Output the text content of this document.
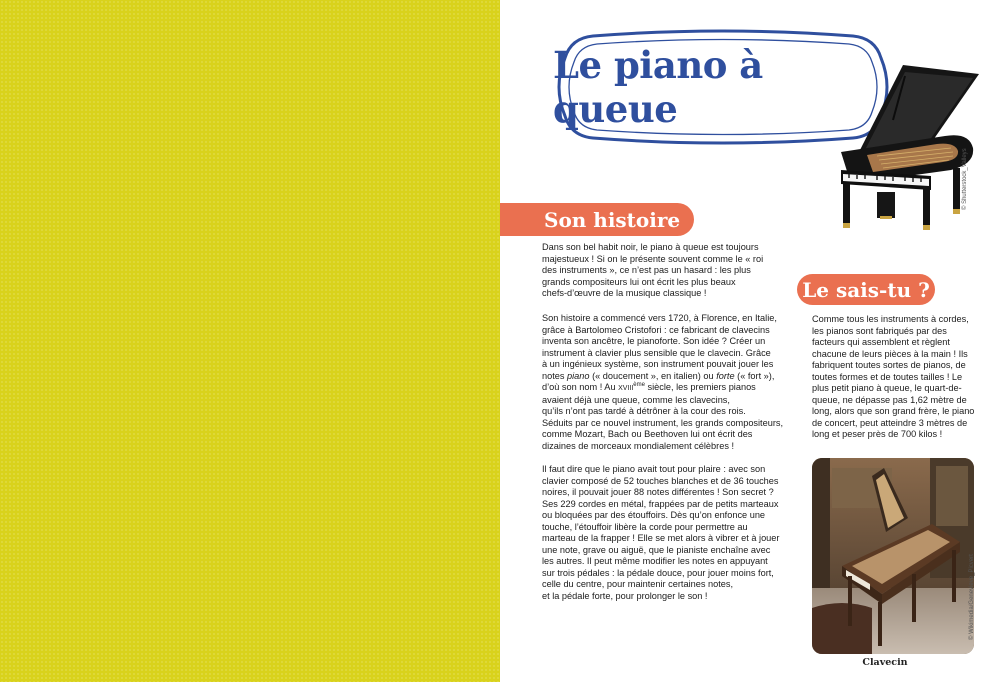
Le piano à queue
© Shutterstock_Valleys
Son histoire
Dans son bel habit noir, le piano à queue est toujours
majestueux ! Si on le présente souvent comme le « roi
des instruments », ce n’est pas un hasard : les plus
grands compositeurs lui ont écrit les plus beaux
chefs-d’œuvre de la musique classique !
Son histoire a commencé vers 1720, à Florence, en Italie,
grâce à Bartolomeo Cristofori : ce fabricant de clavecins
inventa son ancêtre, le pianoforte. Son idée ? Créer un
instrument à clavier plus sensible que le clavecin. Grâce
à un ingénieux système, son instrument pouvait jouer les
notes piano (« doucement », en italien) ou forte (« fort »),
d’où son nom ! Au XVIIIème siècle, les premiers pianos
avaient déjà une queue, comme les clavecins,
qu’ils n’ont pas tardé à détrôner à la cour des rois.
Séduits par ce nouvel instrument, les grands compositeurs,
comme Mozart, Bach ou Beethoven lui ont écrit des
dizaines de morceaux mondialement célèbres !
Il faut dire que le piano avait tout pour plaire : avec son
clavier composé de 52 touches blanches et de 36 touches
noires, il pouvait jouer 88 notes différentes ! Son secret ?
Ses 229 cordes en métal, frappées par de petits marteaux
ou bloquées par des étouffoirs. Dès qu’on enfonce une
touche, l’étouffoir libère la corde pour permettre au
marteau de la frapper ! Elle se met alors à vibrer et à jouer
une note, grave ou aiguë, que le pianiste enchaîne avec
les autres. Il peut même modifier les notes en appuyant
sur trois pédales : la pédale douce, pour jouer moins fort,
celle du centre, pour maintenir certaines notes,
et la pédale forte, pour prolonger le son !
Le sais-tu ?
Comme tous les instruments à cordes,
les pianos sont fabriqués par des
facteurs qui assemblent et règlent
chacune de leurs pièces à la main ! Ils
fabriquent toutes sortes de pianos, de
toutes formes et de toutes tailles ! Le
plus petit piano à queue, le quart-de-
queue, ne dépasse pas 1,62 mètre de
long, alors que son grand frère, le piano
de concert, peut atteindre 3 mètres de
long et peser près de 700 kilos !
© Wikimedia/Genevieve_Picvert
Clavecin
